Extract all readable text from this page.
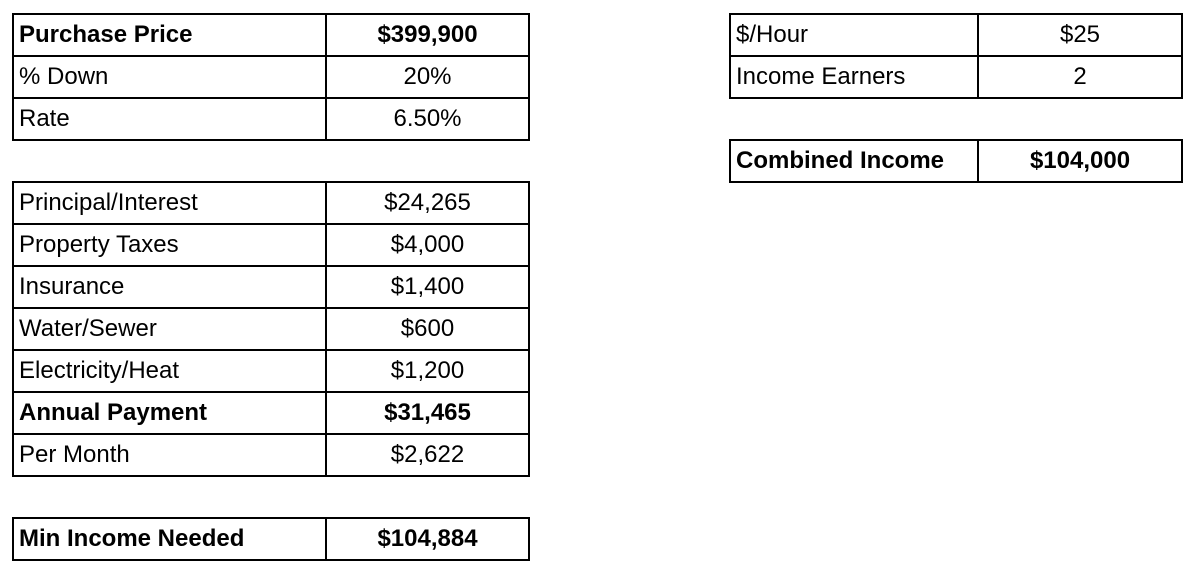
Purchase Price	$399,900
% Down	20%
Rate	6.50%
Principal/Interest	$24,265
Property Taxes	$4,000
Insurance	$1,400
Water/Sewer	$600
Electricity/Heat	$1,200
Annual Payment	$31,465
Per Month	$2,622
Min Income Needed	$104,884
$/Hour	$25
Income Earners	2
Combined Income	$104,000
